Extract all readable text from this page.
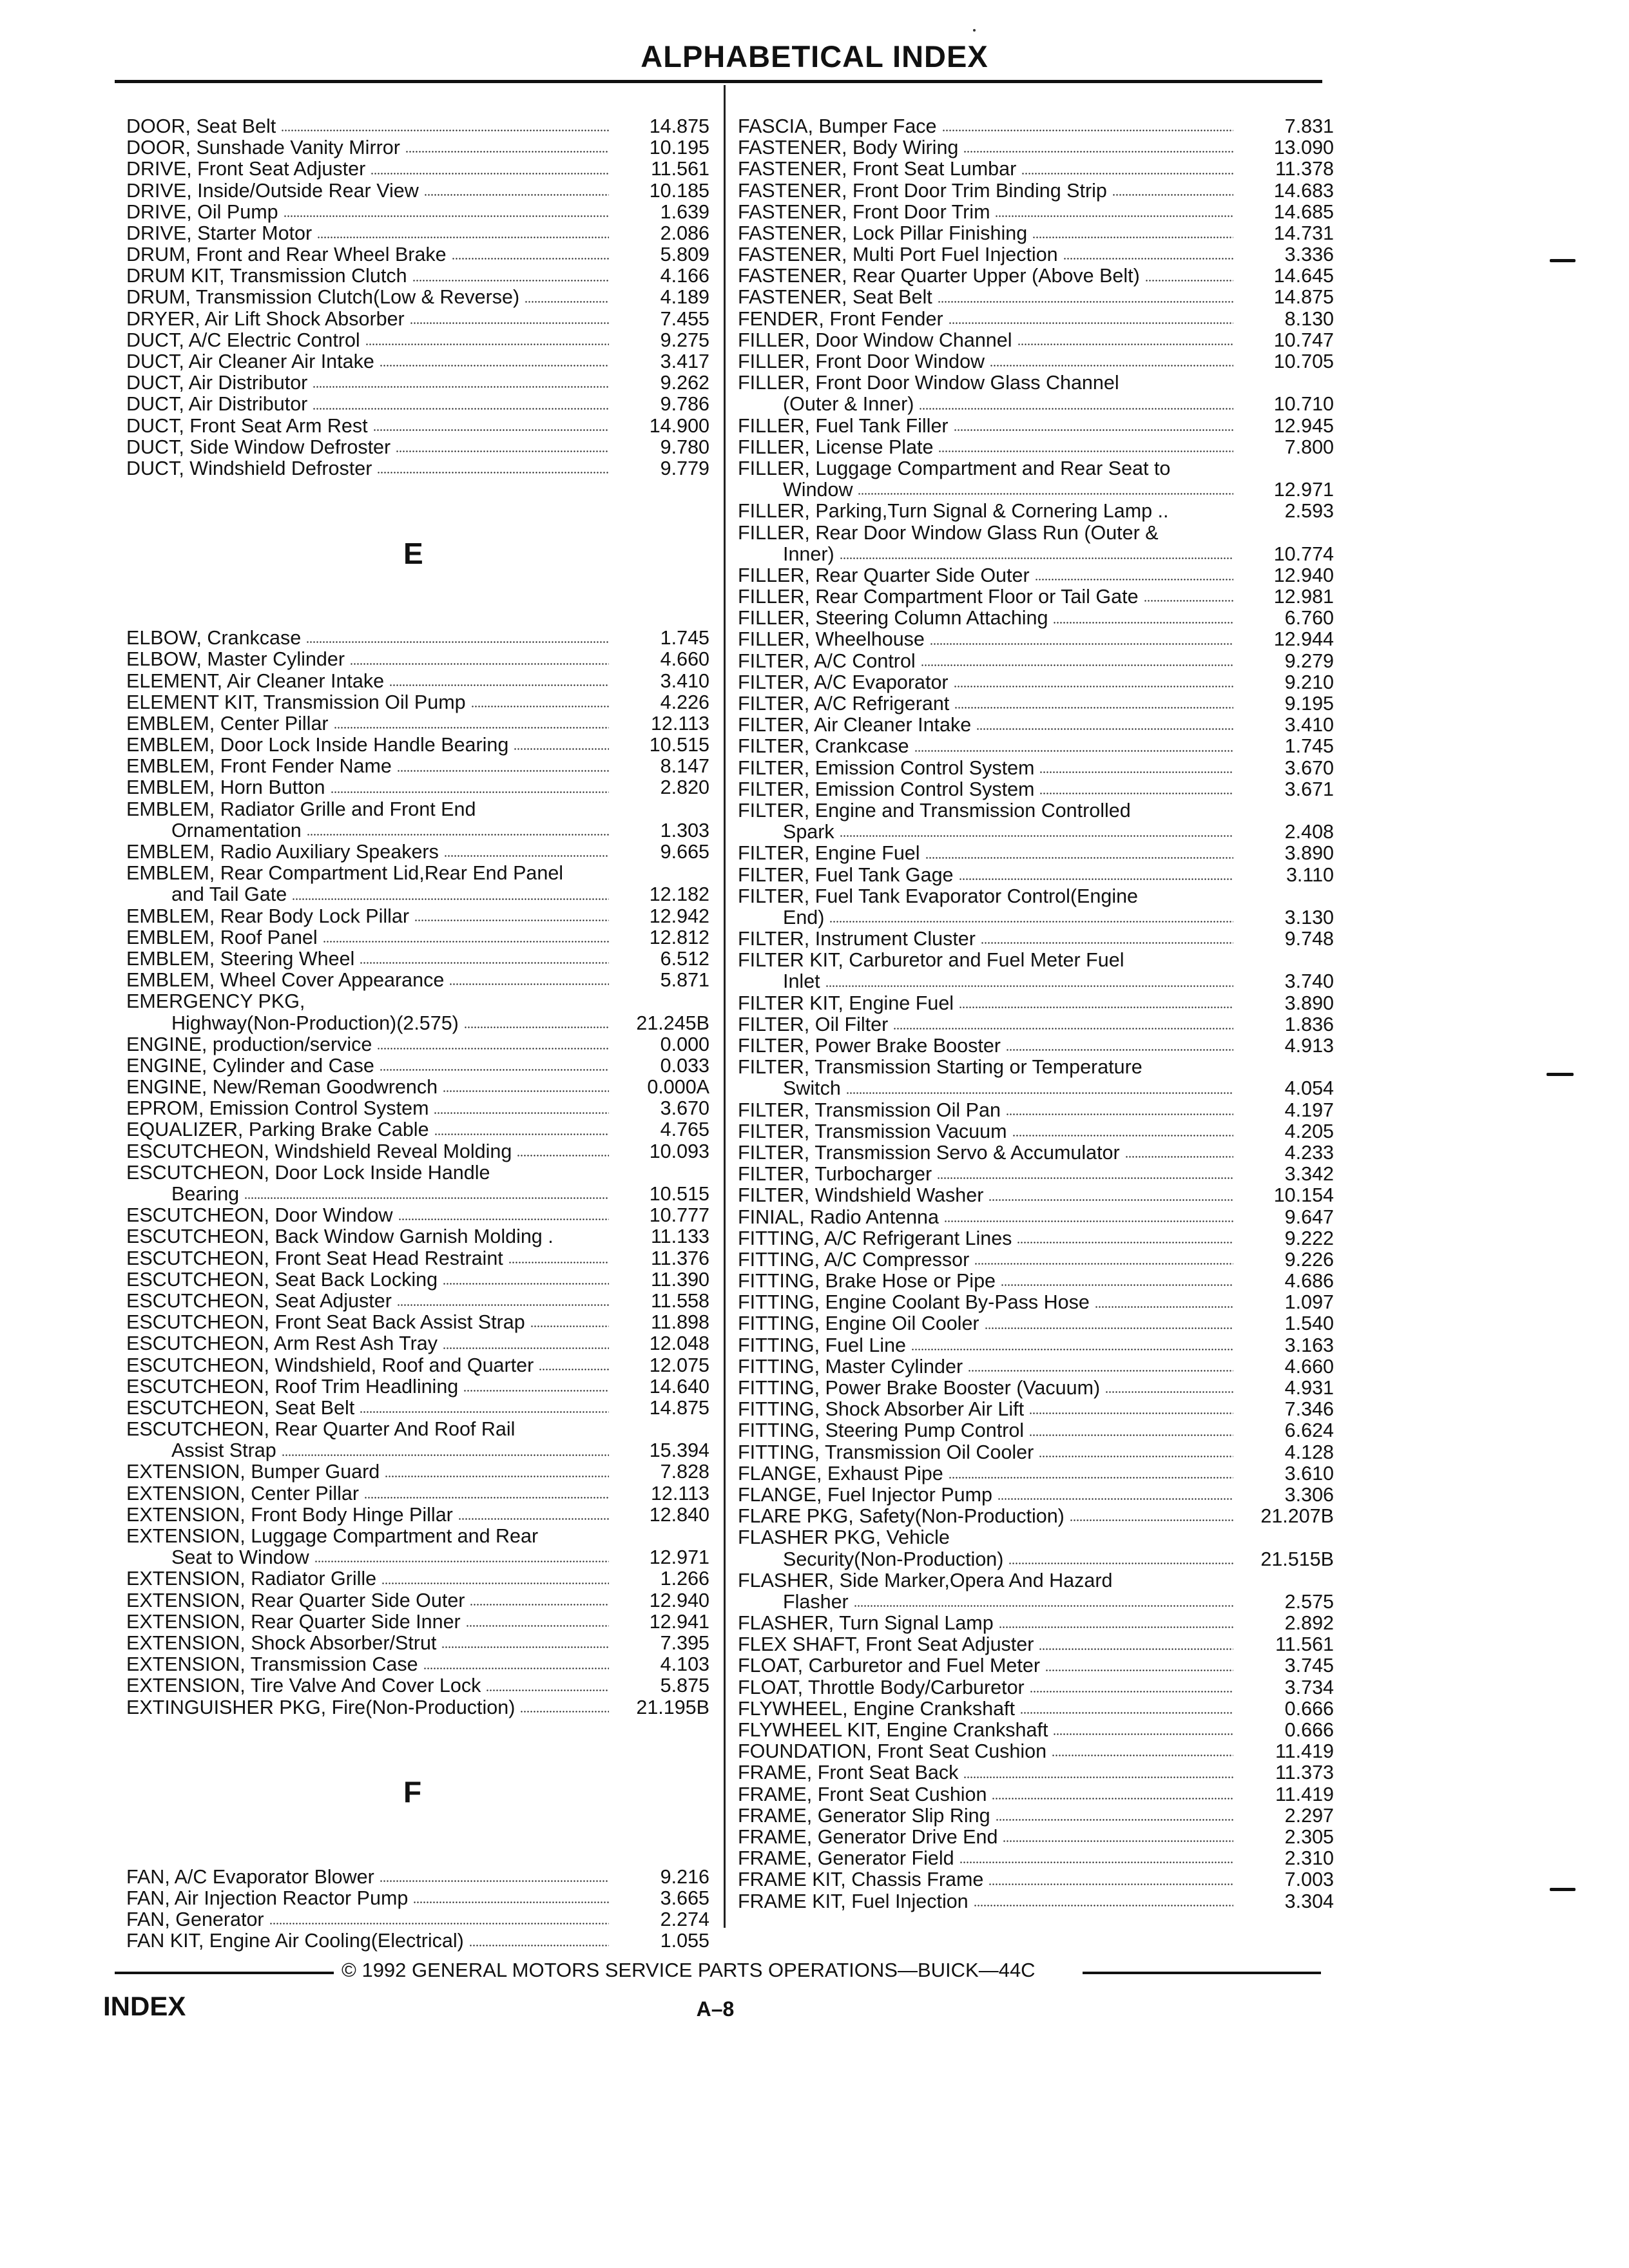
ALPHABETICAL INDEX
DOOR, Seat Belt	14.875
DOOR, Sunshade Vanity Mirror	10.195
DRIVE, Front Seat Adjuster	11.561
DRIVE, Inside/Outside Rear View	10.185
DRIVE, Oil Pump	1.639
DRIVE, Starter Motor	2.086
DRUM, Front and Rear Wheel Brake	5.809
DRUM KIT, Transmission Clutch	4.166
DRUM, Transmission Clutch(Low & Reverse)	4.189
DRYER, Air Lift Shock Absorber	7.455
DUCT, A/C Electric Control	9.275
DUCT, Air Cleaner Air Intake	3.417
DUCT, Air Distributor	9.262
DUCT, Air Distributor	9.786
DUCT, Front Seat Arm Rest	14.900
DUCT, Side Window Defroster	9.780
DUCT, Windshield Defroster	9.779
E
ELBOW, Crankcase	1.745
ELBOW, Master Cylinder	4.660
ELEMENT, Air Cleaner Intake	3.410
ELEMENT KIT, Transmission Oil Pump	4.226
EMBLEM, Center Pillar	12.113
EMBLEM, Door Lock Inside Handle Bearing	10.515
EMBLEM, Front Fender Name	8.147
EMBLEM, Horn Button	2.820
EMBLEM, Radiator Grille and Front End
Ornamentation	1.303
EMBLEM, Radio Auxiliary Speakers	9.665
EMBLEM, Rear Compartment Lid,Rear End Panel
and Tail Gate	12.182
EMBLEM, Rear Body Lock Pillar	12.942
EMBLEM, Roof Panel	12.812
EMBLEM, Steering Wheel	6.512
EMBLEM, Wheel Cover Appearance	5.871
EMERGENCY PKG,
Highway(Non-Production)(2.575)	21.245B
ENGINE, production/service	0.000
ENGINE, Cylinder and Case	0.033
ENGINE, New/Reman Goodwrench	0.000A
EPROM, Emission Control System	3.670
EQUALIZER, Parking Brake Cable	4.765
ESCUTCHEON, Windshield Reveal Molding	10.093
ESCUTCHEON, Door Lock Inside Handle
Bearing	10.515
ESCUTCHEON, Door Window	10.777
ESCUTCHEON, Back Window Garnish Molding .	11.133
ESCUTCHEON, Front Seat Head Restraint	11.376
ESCUTCHEON, Seat Back Locking	11.390
ESCUTCHEON, Seat Adjuster	11.558
ESCUTCHEON, Front Seat Back Assist Strap	11.898
ESCUTCHEON, Arm Rest Ash Tray	12.048
ESCUTCHEON, Windshield, Roof and Quarter	12.075
ESCUTCHEON, Roof Trim Headlining	14.640
ESCUTCHEON, Seat Belt	14.875
ESCUTCHEON, Rear Quarter And Roof Rail
Assist Strap	15.394
EXTENSION, Bumper Guard	7.828
EXTENSION, Center Pillar	12.113
EXTENSION, Front Body Hinge Pillar	12.840
EXTENSION, Luggage Compartment and Rear
Seat to Window	12.971
EXTENSION, Radiator Grille	1.266
EXTENSION, Rear Quarter Side Outer	12.940
EXTENSION, Rear Quarter Side Inner	12.941
EXTENSION, Shock Absorber/Strut	7.395
EXTENSION, Transmission Case	4.103
EXTENSION, Tire Valve And Cover Lock	5.875
EXTINGUISHER PKG, Fire(Non-Production)	21.195B
F
FAN, A/C Evaporator Blower	9.216
FAN, Air Injection Reactor Pump	3.665
FAN, Generator	2.274
FAN KIT, Engine Air Cooling(Electrical)	1.055
FASCIA, Bumper Face	7.831
FASTENER, Body Wiring	13.090
FASTENER, Front Seat Lumbar	11.378
FASTENER, Front Door Trim Binding Strip	14.683
FASTENER, Front Door Trim	14.685
FASTENER, Lock Pillar Finishing	14.731
FASTENER, Multi Port Fuel Injection	3.336
FASTENER, Rear Quarter Upper (Above Belt)	14.645
FASTENER, Seat Belt	14.875
FENDER, Front Fender	8.130
FILLER, Door Window Channel	10.747
FILLER, Front Door Window	10.705
FILLER, Front Door Window Glass Channel
(Outer & Inner)	10.710
FILLER, Fuel Tank Filler	12.945
FILLER, License Plate	7.800
FILLER, Luggage Compartment and Rear Seat to
Window	12.971
FILLER, Parking,Turn Signal & Cornering Lamp ..	2.593
FILLER, Rear Door Window Glass Run (Outer &
Inner)	10.774
FILLER, Rear Quarter Side Outer	12.940
FILLER, Rear Compartment Floor or Tail Gate	12.981
FILLER, Steering Column Attaching	6.760
FILLER, Wheelhouse	12.944
FILTER, A/C Control	9.279
FILTER, A/C Evaporator	9.210
FILTER, A/C Refrigerant	9.195
FILTER, Air Cleaner Intake	3.410
FILTER, Crankcase	1.745
FILTER, Emission Control System	3.670
FILTER, Emission Control System	3.671
FILTER, Engine and Transmission Controlled
Spark	2.408
FILTER, Engine Fuel	3.890
FILTER, Fuel Tank Gage	3.110
FILTER, Fuel Tank Evaporator Control(Engine
End)	3.130
FILTER, Instrument Cluster	9.748
FILTER KIT, Carburetor and Fuel Meter Fuel
Inlet	3.740
FILTER KIT, Engine Fuel	3.890
FILTER, Oil Filter	1.836
FILTER, Power Brake Booster	4.913
FILTER, Transmission Starting or Temperature
Switch	4.054
FILTER, Transmission Oil Pan	4.197
FILTER, Transmission Vacuum	4.205
FILTER, Transmission Servo & Accumulator	4.233
FILTER, Turbocharger	3.342
FILTER, Windshield Washer	10.154
FINIAL, Radio Antenna	9.647
FITTING, A/C Refrigerant Lines	9.222
FITTING, A/C Compressor	9.226
FITTING, Brake Hose or Pipe	4.686
FITTING, Engine Coolant By-Pass Hose	1.097
FITTING, Engine Oil Cooler	1.540
FITTING, Fuel Line	3.163
FITTING, Master Cylinder	4.660
FITTING, Power Brake Booster (Vacuum)	4.931
FITTING, Shock Absorber Air Lift	7.346
FITTING, Steering Pump Control	6.624
FITTING, Transmission Oil Cooler	4.128
FLANGE, Exhaust Pipe	3.610
FLANGE, Fuel Injector Pump	3.306
FLARE PKG, Safety(Non-Production)	21.207B
FLASHER PKG, Vehicle
Security(Non-Production)	21.515B
FLASHER, Side Marker,Opera And Hazard
Flasher	2.575
FLASHER, Turn Signal Lamp	2.892
FLEX SHAFT, Front Seat Adjuster	11.561
FLOAT, Carburetor and Fuel Meter	3.745
FLOAT, Throttle Body/Carburetor	3.734
FLYWHEEL, Engine Crankshaft	0.666
FLYWHEEL KIT, Engine Crankshaft	0.666
FOUNDATION, Front Seat Cushion	11.419
FRAME, Front Seat Back	11.373
FRAME, Front Seat Cushion	11.419
FRAME, Generator Slip Ring	2.297
FRAME, Generator Drive End	2.305
FRAME, Generator Field	2.310
FRAME KIT, Chassis Frame	7.003
FRAME KIT, Fuel Injection	3.304
© 1992 GENERAL MOTORS SERVICE PARTS OPERATIONS—BUICK—44C
INDEX	A–8
